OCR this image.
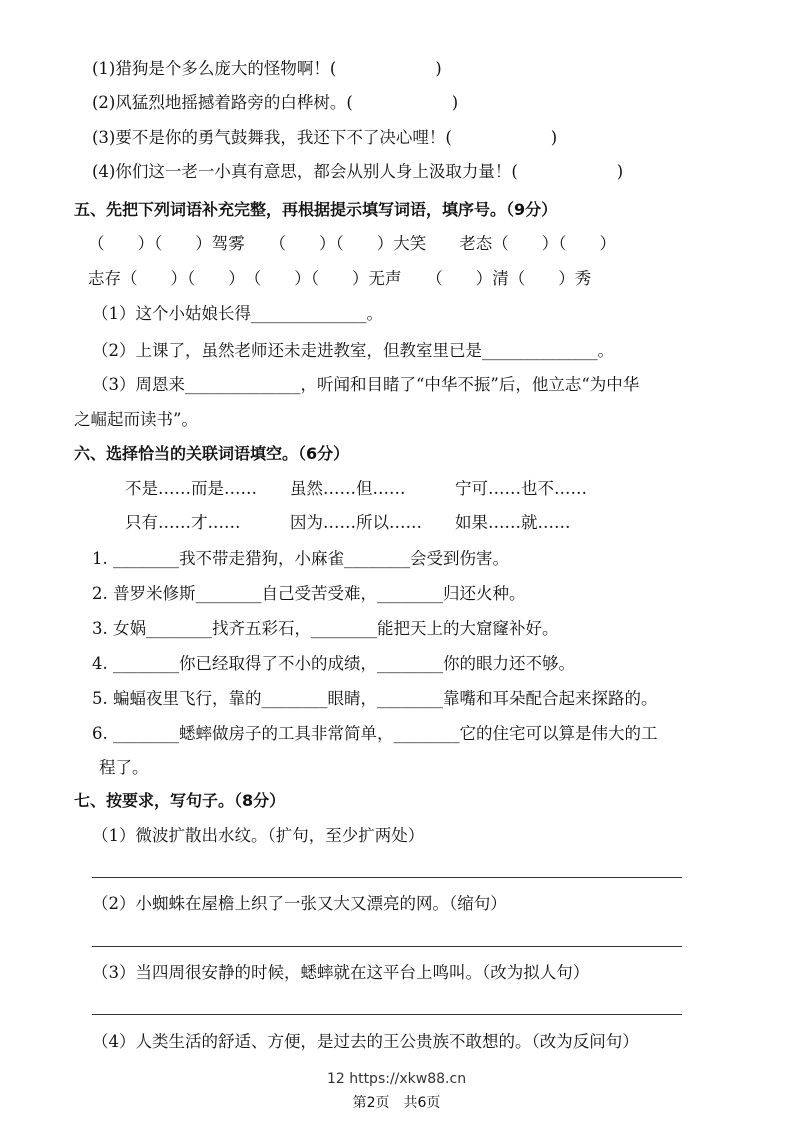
(1)猎狗是个多么庞大的怪物啊！(　　　　　　)
(2)风猛烈地摇撼着路旁的白桦树。(　　　　　　)
(3)要不是你的勇气鼓舞我，我还下不了决心哩！(　　　　　　)
(4)你们这一老一小真有意思，都会从别人身上汲取力量！(　　　　　　)
五、先把下列词语补充完整，再根据提示填写词语，填序号。（9分）
（　　）（　　）驾雾　　（　　）（　　）大笑　　老态（　　）（　　）
志存（　　）（　　）　（　　）（　　）无声　　（　　）清（　　）秀
（1）这个小姑娘长得______________。
（2）上课了，虽然老师还未走进教室，但教室里已是______________。
（3）周恩来______________，听闻和目睹了“中华不振”后，他立志“为中华
之崛起而读书”。
六、选择恰当的关联词语填空。（6分）
不是……而是……　　虽然……但……　　　宁可……也不……
只有……才……　　　因为……所以……　　如果……就……
1. ________我不带走猎狗，小麻雀________会受到伤害。
2. 普罗米修斯________自己受苦受难，________归还火种。
3. 女娲________找齐五彩石，________能把天上的大窟窿补好。
4. ________你已经取得了不小的成绩，________你的眼力还不够。
5. 蝙蝠夜里飞行，靠的________眼睛，________靠嘴和耳朵配合起来探路的。
6. ________蟋蟀做房子的工具非常简单，________它的住宅可以算是伟大的工
程了。
七、按要求，写句子。（8分）
（1）微波扩散出水纹。（扩句，至少扩两处）
（2）小蜘蛛在屋檐上织了一张又大又漂亮的网。（缩句）
（3）当四周很安静的时候，蟋蟀就在这平台上鸣叫。（改为拟人句）
（4）人类生活的舒适、方便，是过去的王公贵族不敢想的。（改为反问句）
12 https://xkw88.cn
第2页　共6页
